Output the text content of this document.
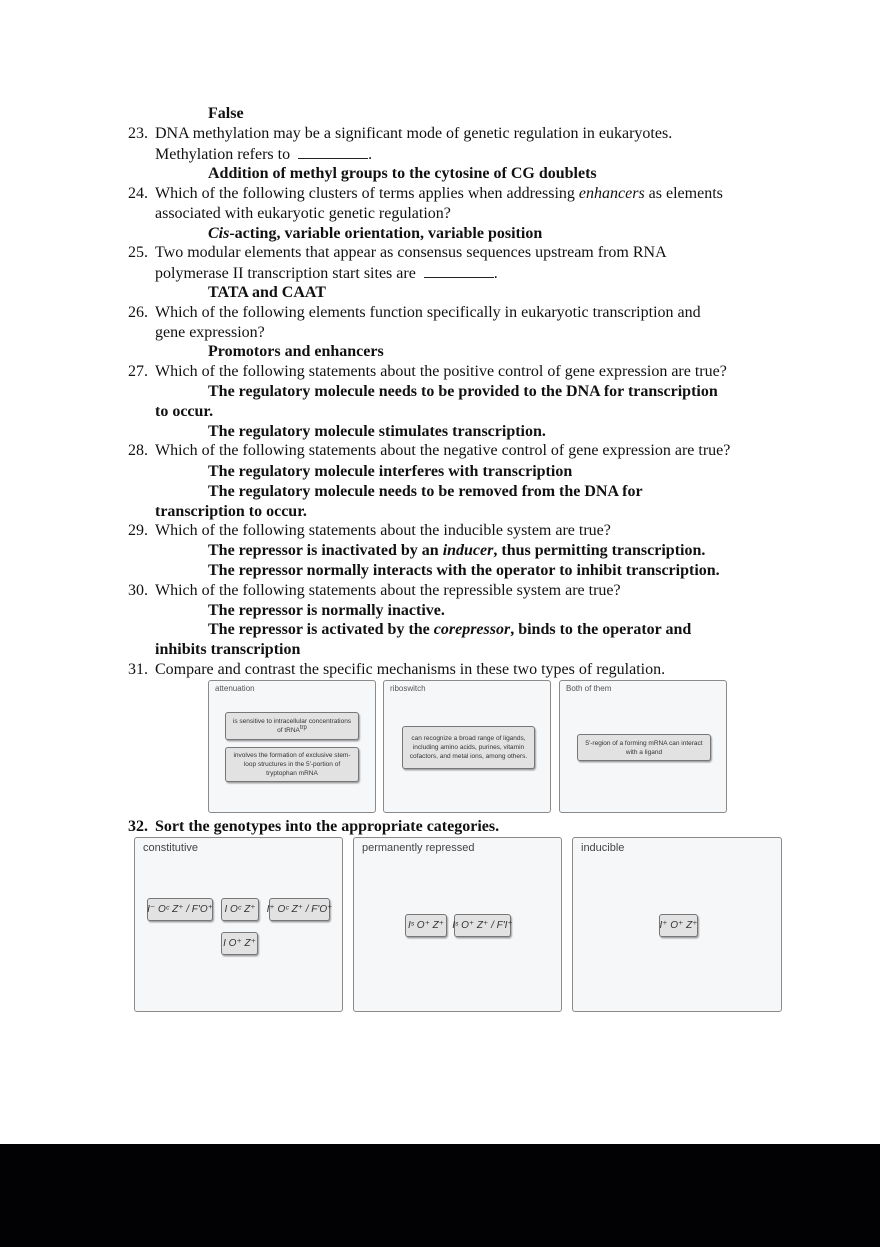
False
23. DNA methylation may be a significant mode of genetic regulation in eukaryotes.
Methylation refers to	.
Addition of methyl groups to the cytosine of CG doublets
24. Which of the following clusters of terms applies when addressing enhancers as elements
associated with eukaryotic genetic regulation?
Cis-acting, variable orientation, variable position
25. Two modular elements that appear as consensus sequences upstream from RNA
polymerase II transcription start sites are	.
TATA and CAAT
26. Which of the following elements function specifically in eukaryotic transcription and
gene expression?
Promotors and enhancers
27. Which of the following statements about the positive control of gene expression are true?
The regulatory molecule needs to be provided to the DNA for transcription
to occur.
The regulatory molecule stimulates transcription.
28. Which of the following statements about the negative control of gene expression are true?
The regulatory molecule interferes with transcription
The regulatory molecule needs to be removed from the DNA for
transcription to occur.
29. Which of the following statements about the inducible system are true?
The repressor is inactivated by an inducer, thus permitting transcription.
The repressor normally interacts with the operator to inhibit transcription.
30. Which of the following statements about the repressible system are true?
The repressor is normally inactive.
The repressor is activated by the corepressor, binds to the operator and
inhibits transcription
31. Compare and contrast the specific mechanisms in these two types of regulation.
attenuation
is sensitive to intracellular concentrations of tRNA$^{trp}$
involves the formation of exclusive stem-loop structures in the 5'-portion of tryptophan mRNA
riboswitch
can recognize a broad range of ligands, including amino acids, purines, vitamin cofactors, and metal ions, among others.
Both of them
5'-region of a forming mRNA can interact with a ligand
32. Sort the genotypes into the appropriate categories.
constitutive
I⁻ Oᶜ Z⁺ / F'O⁺	I Oᶜ Z⁺	I⁺ Oᶜ Z⁺ / F'O⁺
I O⁺ Z⁺
permanently repressed
Iˢ O⁺ Z⁺ Iˢ O⁺ Z⁺ / F'I⁺
inducible
I⁺ O⁺ Z⁺
